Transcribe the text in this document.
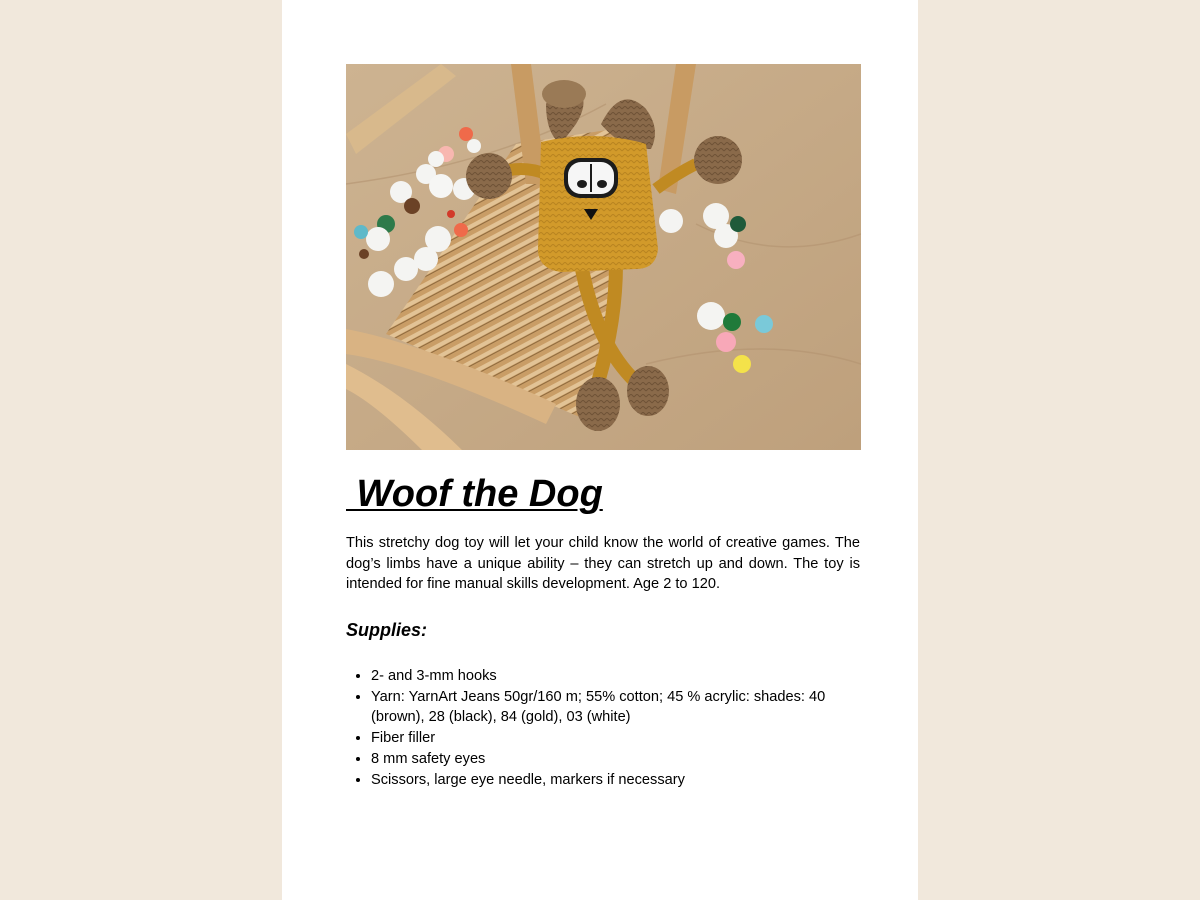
Woof the Dog

This stretchy dog toy will let your child know the world of creative games. The dog’s limbs have a unique ability – they can stretch up and down. The toy is intended for fine manual skills development. Age 2 to 120.

Supplies:
• 2- and 3-mm hooks
• Yarn: YarnArt Jeans 50gr/160 m; 55% cotton; 45 % acrylic: shades: 40 (brown), 28 (black), 84 (gold), 03 (white)
• Fiber filler
• 8 mm safety eyes
• Scissors, large eye needle, markers if necessary
